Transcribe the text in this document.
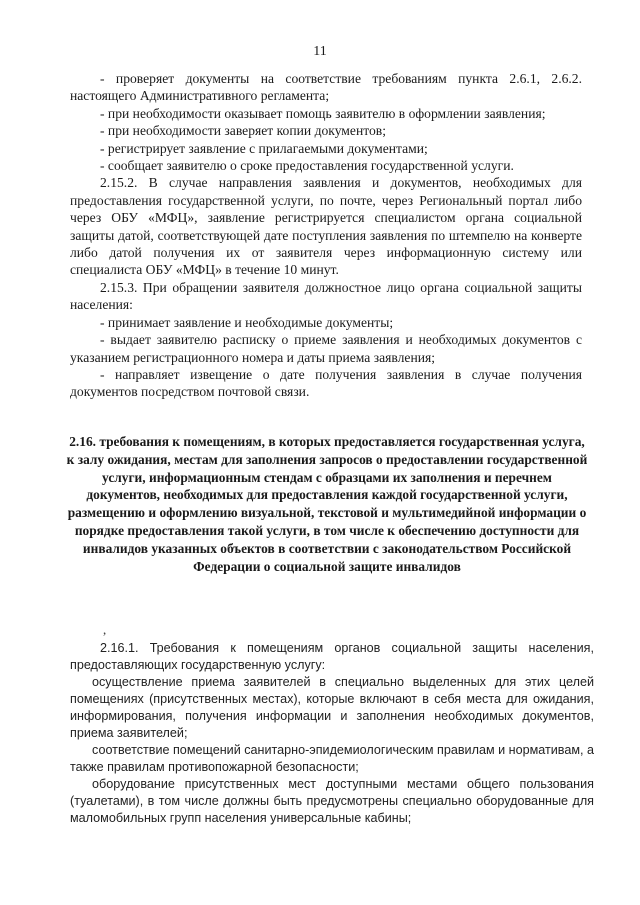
11

- проверяет документы на соответствие требованиям пункта 2.6.1, 2.6.2. настоящего Административного регламента;

- при необходимости оказывает помощь заявителю в оформлении заявления;

- при необходимости заверяет копии документов;

- регистрирует заявление с прилагаемыми документами;

- сообщает заявителю о сроке предоставления государственной услуги.

2.15.2. В случае направления заявления и документов, необходимых для предоставления государственной услуги, по почте, через Региональный портал либо через ОБУ «МФЦ», заявление регистрируется специалистом органа социальной защиты датой, соответствующей дате поступления заявления по штемпелю на конверте либо датой получения их от заявителя через информационную систему или специалиста ОБУ «МФЦ» в течение 10 минут.

2.15.3. При обращении заявителя должностное лицо органа социальной защиты населения:

- принимает заявление и необходимые документы;

- выдает заявителю расписку о приеме заявления и необходимых документов с указанием регистрационного номера и даты приема заявления;

- направляет извещение о дате получения заявления в случае получения документов посредством почтовой связи.

2.16. требования к помещениям, в которых предоставляется государственная услуга, к залу ожидания, местам для заполнения запросов о предоставлении государственной услуги, информационным стендам с образцами их заполнения и перечнем документов, необходимых для предоставления каждой государственной услуги, размещению и оформлению визуальной, текстовой и мультимедийной информации о порядке предоставления такой услуги, в том числе к обеспечению доступности для инвалидов указанных объектов в соответствии с законодательством Российской Федерации о социальной защите инвалидов
,

2.16.1. Требования к помещениям органов социальной защиты населения, предоставляющих государственную услугу:

осуществление приема заявителей в специально выделенных для этих целей помещениях (присутственных местах), которые включают в себя места для ожидания, информирования, получения информации и заполнения необходимых документов, приема заявителей;

соответствие помещений санитарно-эпидемиологическим правилам и нормативам, а также правилам противопожарной безопасности;

оборудование присутственных мест доступными местами общего пользования (туалетами), в том числе должны быть предусмотрены специально оборудованные для маломобильных групп населения универсальные кабины;
